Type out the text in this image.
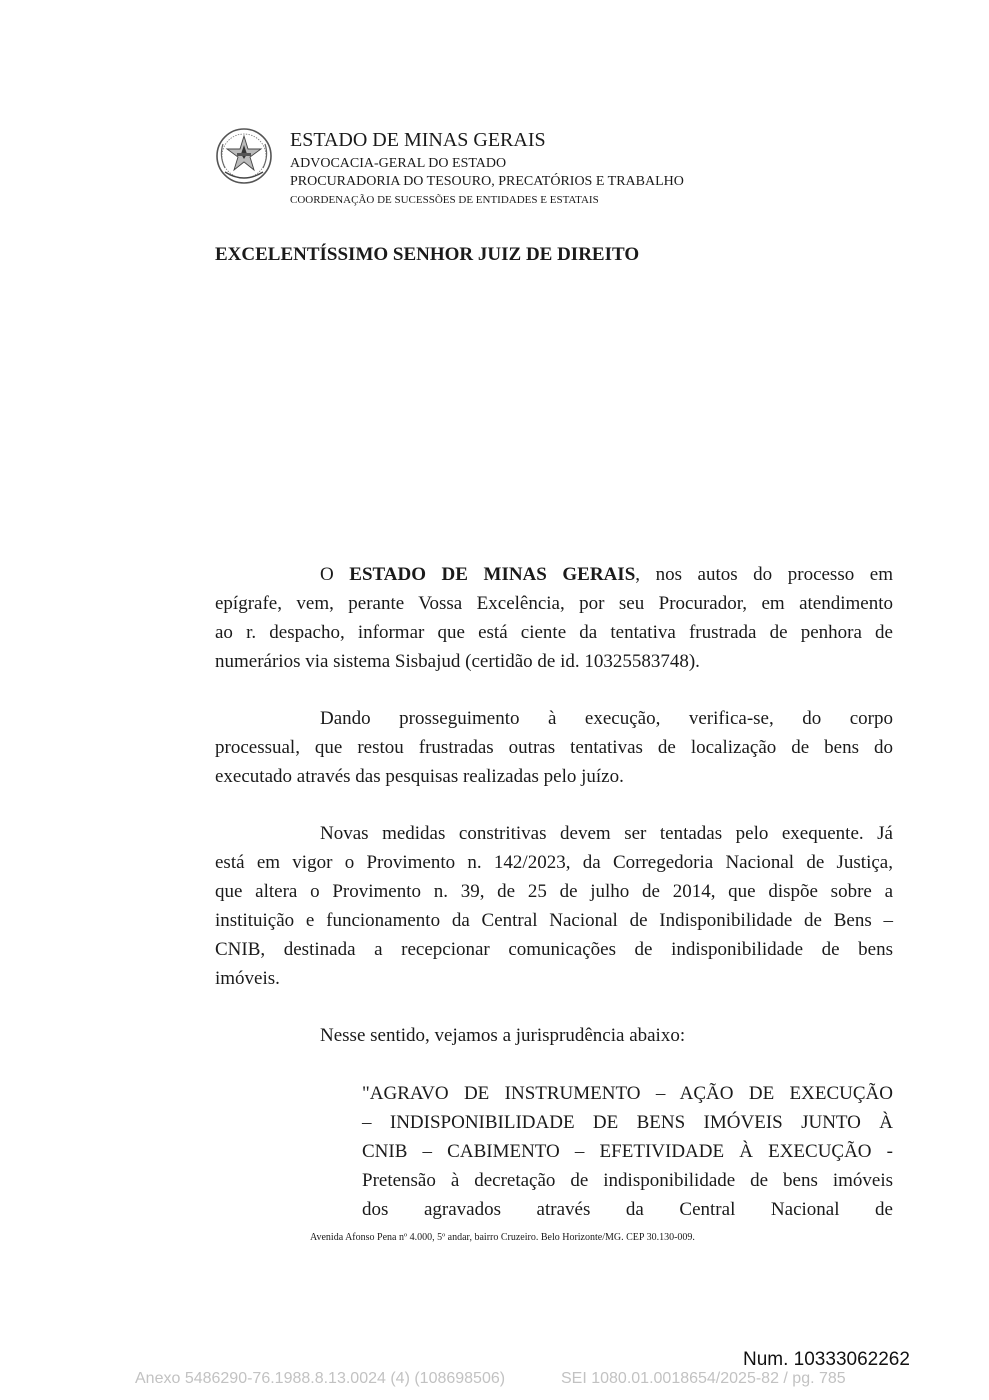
ESTADO DE MINAS GERAIS
ADVOCACIA-GERAL DO ESTADO
PROCURADORIA DO TESOURO, PRECATÓRIOS E TRABALHO
COORDENAÇÃO DE SUCESSÕES DE ENTIDADES E ESTATAIS
EXCELENTÍSSIMO SENHOR JUIZ DE DIREITO
O ESTADO DE MINAS GERAIS, nos autos do processo em
epígrafe, vem, perante Vossa Excelência, por seu Procurador, em atendimento
ao r. despacho, informar que está ciente da tentativa frustrada de penhora de
numerários via sistema Sisbajud (certidão de id. 10325583748).
Dando prosseguimento à execução, verifica-se, do corpo
processual, que restou frustradas outras tentativas de localização de bens do
executado através das pesquisas realizadas pelo juízo.
Novas medidas constritivas devem ser tentadas pelo exequente. Já
está em vigor o Provimento n. 142/2023, da Corregedoria Nacional de Justiça,
que altera o Provimento n. 39, de 25 de julho de 2014, que dispõe sobre a
instituição e funcionamento da Central Nacional de Indisponibilidade de Bens –
CNIB, destinada a recepcionar comunicações de indisponibilidade de bens
imóveis.
Nesse sentido, vejamos a jurisprudência abaixo:
"AGRAVO DE INSTRUMENTO – AÇÃO DE EXECUÇÃO
– INDISPONIBILIDADE DE BENS IMÓVEIS JUNTO À
CNIB – CABIMENTO – EFETIVIDADE À EXECUÇÃO -
Pretensão à decretação de indisponibilidade de bens imóveis
dos agravados através da Central Nacional de
Avenida Afonso Pena nº 4.000, 5º andar, bairro Cruzeiro. Belo Horizonte/MG. CEP 30.130-009.
Num. 10333062262
Anexo 5486290-76.1988.8.13.0024 (4) (108698506)	SEI 1080.01.0018654/2025-82 / pg. 785
